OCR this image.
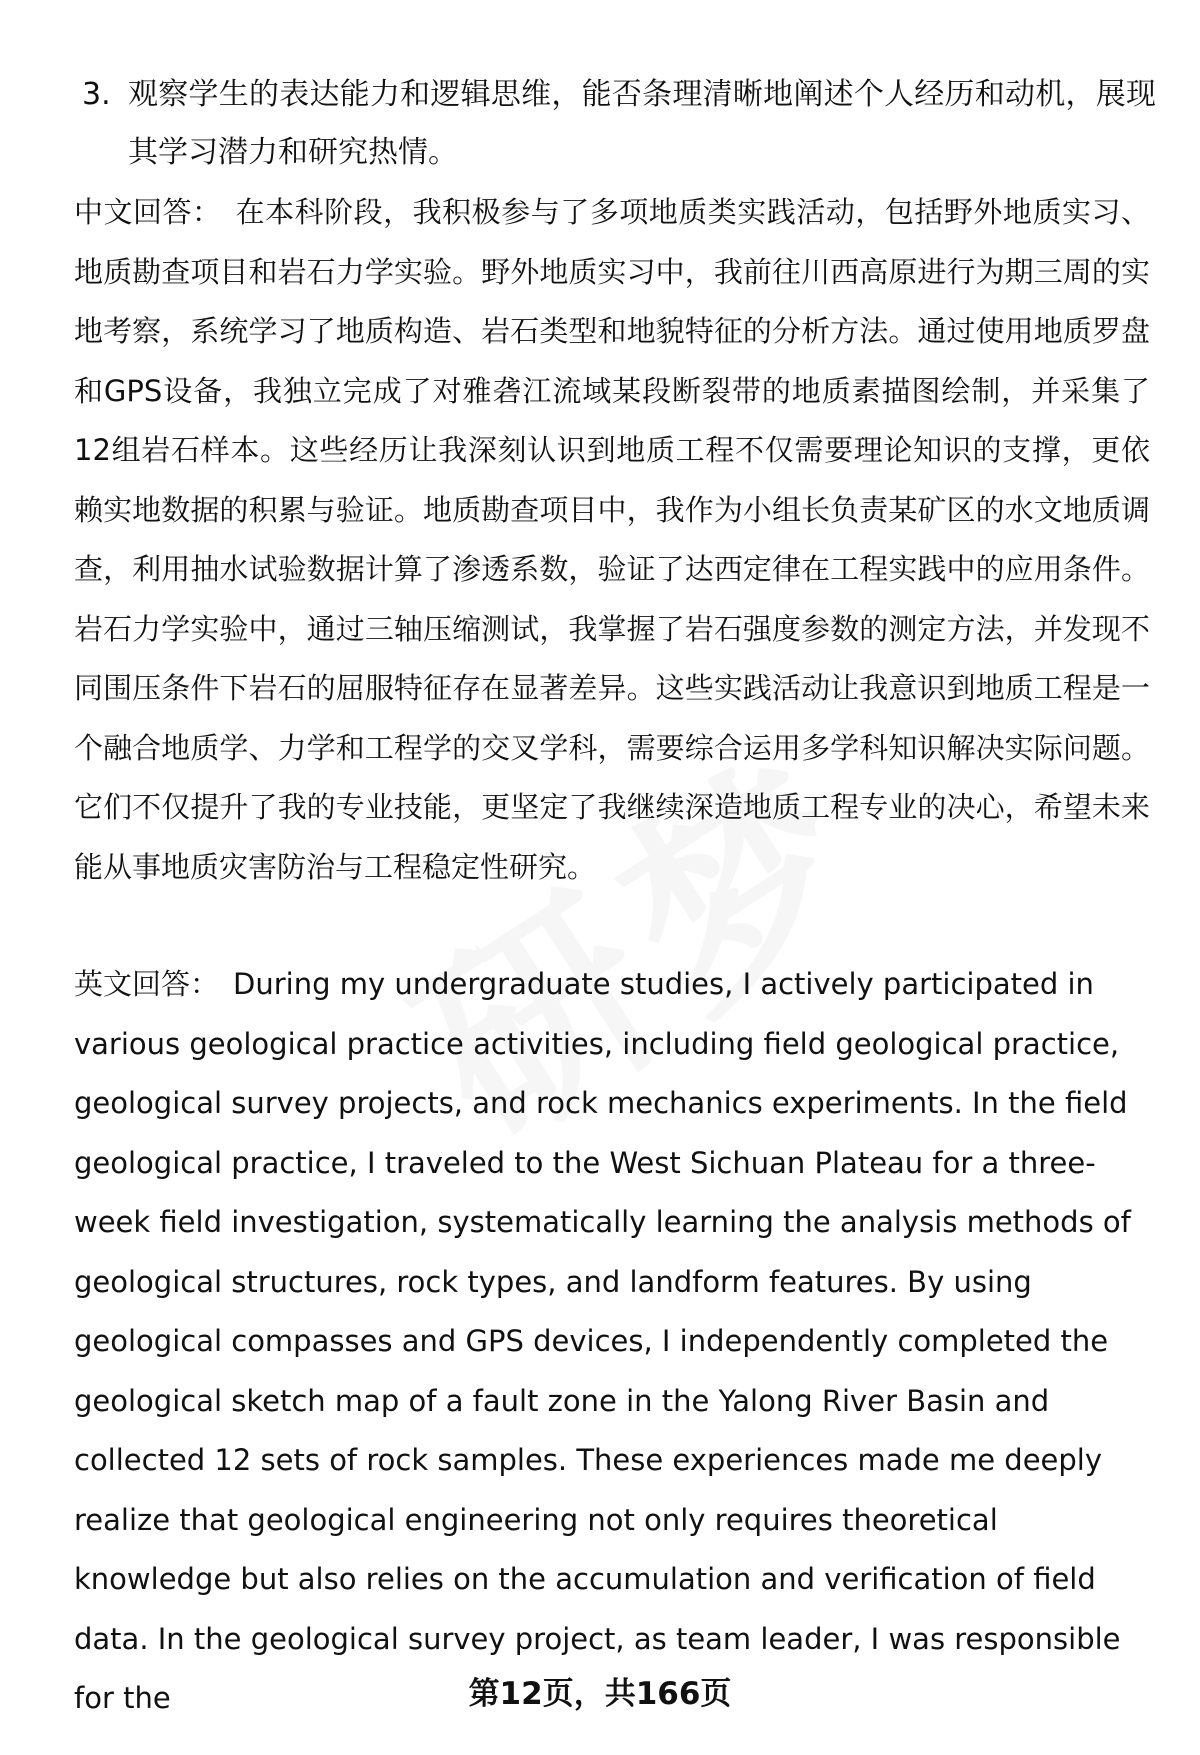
3. 观察学生的表达能力和逻辑思维，能否条理清晰地阐述个人经历和动机，展现其学习潜力和研究热情。

中文回答： 在本科阶段，我积极参与了多项地质类实践活动，包括野外地质实习、地质勘查项目和岩石力学实验。野外地质实习中，我前往川西高原进行为期三周的实地考察，系统学习了地质构造、岩石类型和地貌特征的分析方法。通过使用地质罗盘和GPS设备，我独立完成了对雅砻江流域某段断裂带的地质素描图绘制，并采集了12组岩石样本。这些经历让我深刻认识到地质工程不仅需要理论知识的支撑，更依赖实地数据的积累与验证。地质勘查项目中，我作为小组长负责某矿区的水文地质调查，利用抽水试验数据计算了渗透系数，验证了达西定律在工程实践中的应用条件。岩石力学实验中，通过三轴压缩测试，我掌握了岩石强度参数的测定方法，并发现不同围压条件下岩石的屈服特征存在显著差异。这些实践活动让我意识到地质工程是一个融合地质学、力学和工程学的交叉学科，需要综合运用多学科知识解决实际问题。它们不仅提升了我的专业技能，更坚定了我继续深造地质工程专业的决心，希望未来能从事地质灾害防治与工程稳定性研究。

英文回答： During my undergraduate studies, I actively participated in various geological practice activities, including field geological practice, geological survey projects, and rock mechanics experiments. In the field geological practice, I traveled to the West Sichuan Plateau for a three-week field investigation, systematically learning the analysis methods of geological structures, rock types, and landform features. By using geological compasses and GPS devices, I independently completed the geological sketch map of a fault zone in the Yalong River Basin and collected 12 sets of rock samples. These experiences made me deeply realize that geological engineering not only requires theoretical knowledge but also relies on the accumulation and verification of field data. In the geological survey project, as team leader, I was responsible for the	第12页，共166页
